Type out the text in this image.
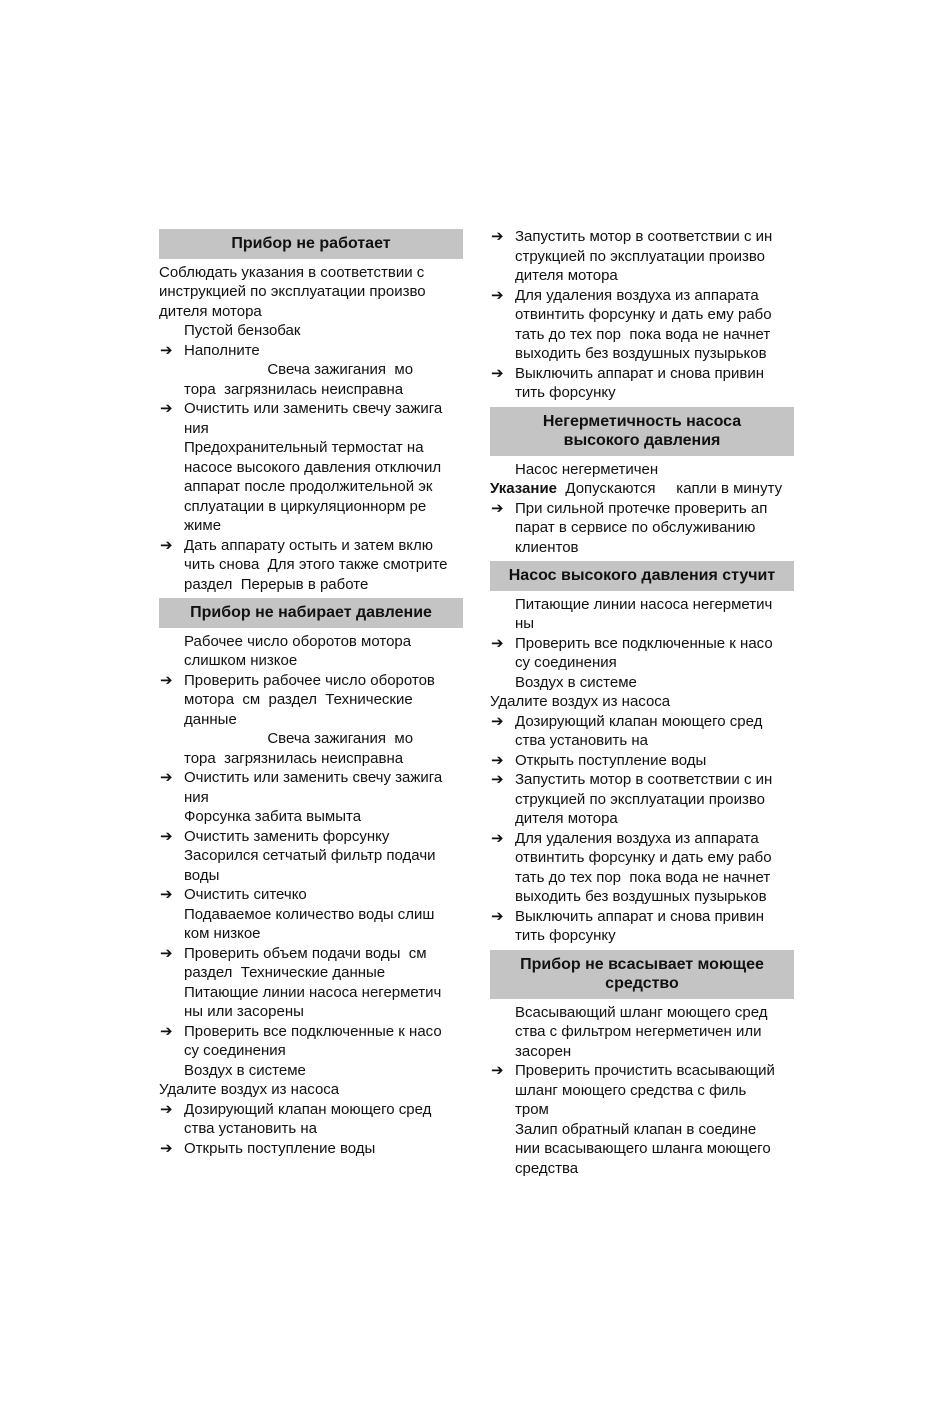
Прибор не работает
Соблюдать указания в соответствии с
инструкцией по эксплуатации произво
дителя мотора
Пустой бензобак
➔
Наполните
Свеча зажигания  мо
тора  загрязнилась неисправна
➔
Очистить или заменить свечу зажига
ния
Предохранительный термостат на
насосе высокого давления отключил
аппарат после продолжительной эк
сплуатации в циркуляционнорм ре
жиме
➔
Дать аппарату остыть и затем вклю
чить снова  Для этого также смотрите
раздел  Перерыв в работе
Прибор не набирает давление
Рабочее число оборотов мотора
слишком низкое
➔
Проверить рабочее число оборотов
мотора  см  раздел  Технические
данные
Свеча зажигания  мо
тора  загрязнилась неисправна
➔
Очистить или заменить свечу зажига
ния
Форсунка забита вымыта
➔
Очистить заменить форсунку
Засорился сетчатый фильтр подачи
воды
➔
Очистить ситечко
Подаваемое количество воды слиш
ком низкое
➔
Проверить объем подачи воды  см
раздел  Технические данные
Питающие линии насоса негерметич
ны или засорены
➔
Проверить все подключенные к насо
су соединения
Воздух в системе
Удалите воздух из насоса
➔
Дозирующий клапан моющего сред
ства установить на
➔
Открыть поступление воды
➔
Запустить мотор в соответствии с ин
струкцией по эксплуатации произво
дителя мотора
➔
Для удаления воздуха из аппарата
отвинтить форсунку и дать ему рабо
тать до тех пор  пока вода не начнет
выходить без воздушных пузырьков
➔
Выключить аппарат и снова привин
тить форсунку
Негерметичность насоса
высокого давления
Насос негерметичен
Указание  Допускаются     капли в минуту
➔
При сильной протечке проверить ап
парат в сервисе по обслуживанию
клиентов
Насос высокого давления стучит
Питающие линии насоса негерметич
ны
➔
Проверить все подключенные к насо
су соединения
Воздух в системе
Удалите воздух из насоса
➔
Дозирующий клапан моющего сред
ства установить на
➔
Открыть поступление воды
➔
Запустить мотор в соответствии с ин
струкцией по эксплуатации произво
дителя мотора
➔
Для удаления воздуха из аппарата
отвинтить форсунку и дать ему рабо
тать до тех пор  пока вода не начнет
выходить без воздушных пузырьков
➔
Выключить аппарат и снова привин
тить форсунку
Прибор не всасывает моющее
средство
Всасывающий шланг моющего сред
ства с фильтром негерметичен или
засорен
➔
Проверить прочистить всасывающий
шланг моющего средства с филь
тром
Залип обратный клапан в соедине
нии всасывающего шланга моющего
средства
